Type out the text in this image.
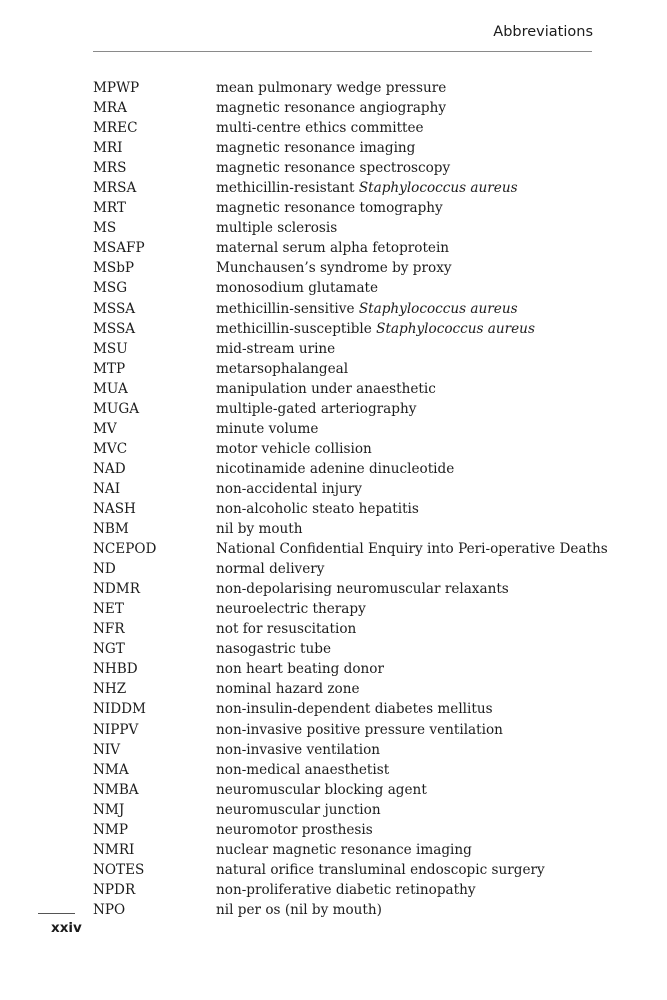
Abbreviations
MPWP	mean pulmonary wedge pressure
MRA	magnetic resonance angiography
MREC	multi-centre ethics committee
MRI	magnetic resonance imaging
MRS	magnetic resonance spectroscopy
MRSA	methicillin-resistant Staphylococcus aureus
MRT	magnetic resonance tomography
MS	multiple sclerosis
MSAFP	maternal serum alpha fetoprotein
MSbP	Munchausen’s syndrome by proxy
MSG	monosodium glutamate
MSSA	methicillin-sensitive Staphylococcus aureus
MSSA	methicillin-susceptible Staphylococcus aureus
MSU	mid-stream urine
MTP	metarsophalangeal
MUA	manipulation under anaesthetic
MUGA	multiple-gated arteriography
MV	minute volume
MVC	motor vehicle collision
NAD	nicotinamide adenine dinucleotide
NAI	non-accidental injury
NASH	non-alcoholic steato hepatitis
NBM	nil by mouth
NCEPOD	National Confidential Enquiry into Peri-operative Deaths
ND	normal delivery
NDMR	non-depolarising neuromuscular relaxants
NET	neuroelectric therapy
NFR	not for resuscitation
NGT	nasogastric tube
NHBD	non heart beating donor
NHZ	nominal hazard zone
NIDDM	non-insulin-dependent diabetes mellitus
NIPPV	non-invasive positive pressure ventilation
NIV	non-invasive ventilation
NMA	non-medical anaesthetist
NMBA	neuromuscular blocking agent
NMJ	neuromuscular junction
NMP	neuromotor prosthesis
NMRI	nuclear magnetic resonance imaging
NOTES	natural orifice transluminal endoscopic surgery
NPDR	non-proliferative diabetic retinopathy
NPO	nil per os (nil by mouth)
xxiv
